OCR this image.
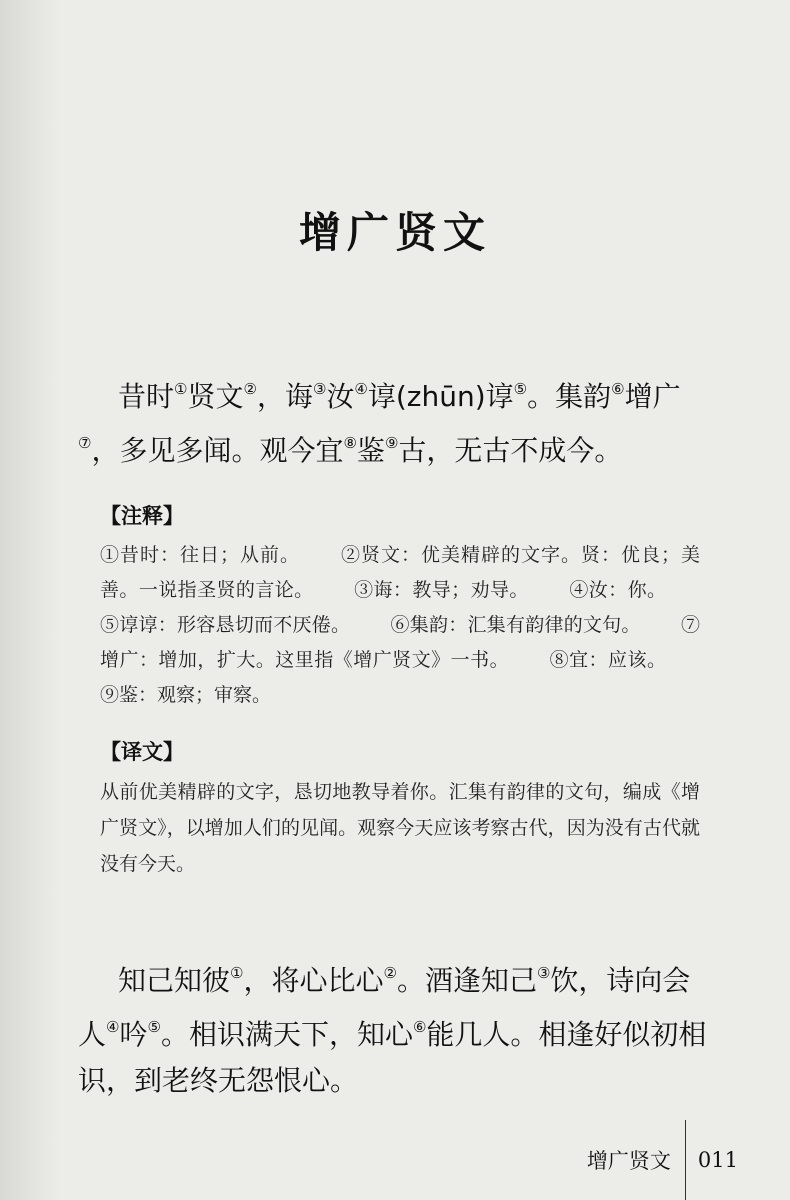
增广贤文
昔时①贤文②，诲③汝④谆(zhūn)谆⑤。集韵⑥增广⑦，多见多闻。观今宜⑧鉴⑨古，无古不成今。
【注释】
①昔时：往日；从前。 ②贤文：优美精辟的文字。贤：优良；美善。一说指圣贤的言论。 ③诲：教导；劝导。 ④汝：你。 ⑤谆谆：形容恳切而不厌倦。 ⑥集韵：汇集有韵律的文句。 ⑦增广：增加，扩大。这里指《增广贤文》一书。 ⑧宜：应该。 ⑨鉴：观察；审察。
【译文】
从前优美精辟的文字，恳切地教导着你。汇集有韵律的文句，编成《增广贤文》，以增加人们的见闻。观察今天应该考察古代，因为没有古代就没有今天。
知己知彼①，将心比心②。酒逢知己③饮，诗向会人④吟⑤。相识满天下，知心⑥能几人。相逢好似初相识，到老终无怨恨心。
增广贤文	011
